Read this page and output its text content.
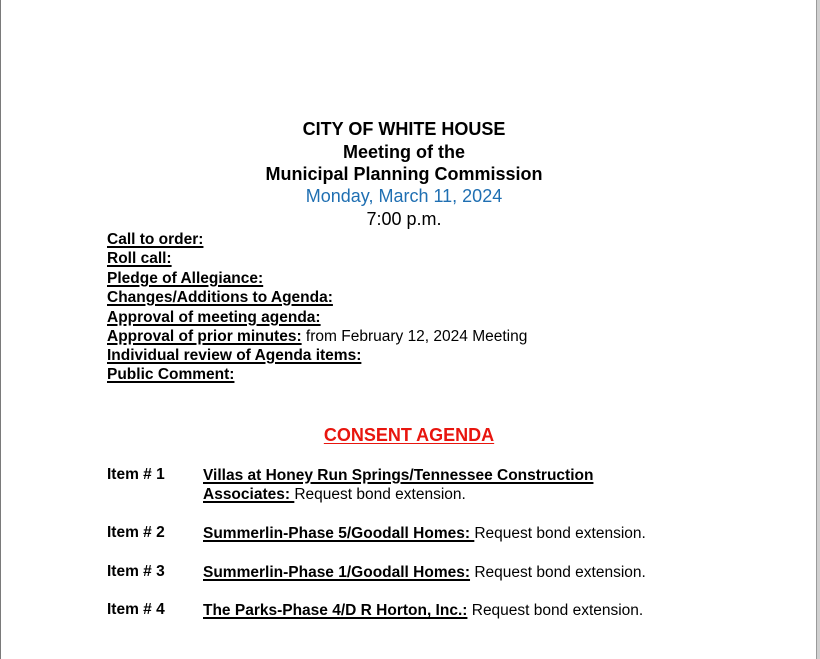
CITY OF WHITE HOUSE
Meeting of the
Municipal Planning Commission
Monday, March 11, 2024
7:00 p.m.
Call to order:
Roll call:
Pledge of Allegiance:
Changes/Additions to Agenda:
Approval of meeting agenda:
Approval of prior minutes: from February 12, 2024 Meeting
Individual review of Agenda items:
Public Comment:
CONSENT AGENDA
Item # 1 Villas at Honey Run Springs/Tennessee Construction
Associates: Request bond extension.
Item # 2 Summerlin-Phase 5/Goodall Homes: Request bond extension.
Item # 3 Summerlin-Phase 1/Goodall Homes: Request bond extension.
Item # 4 The Parks-Phase 4/D R Horton, Inc.: Request bond extension.
